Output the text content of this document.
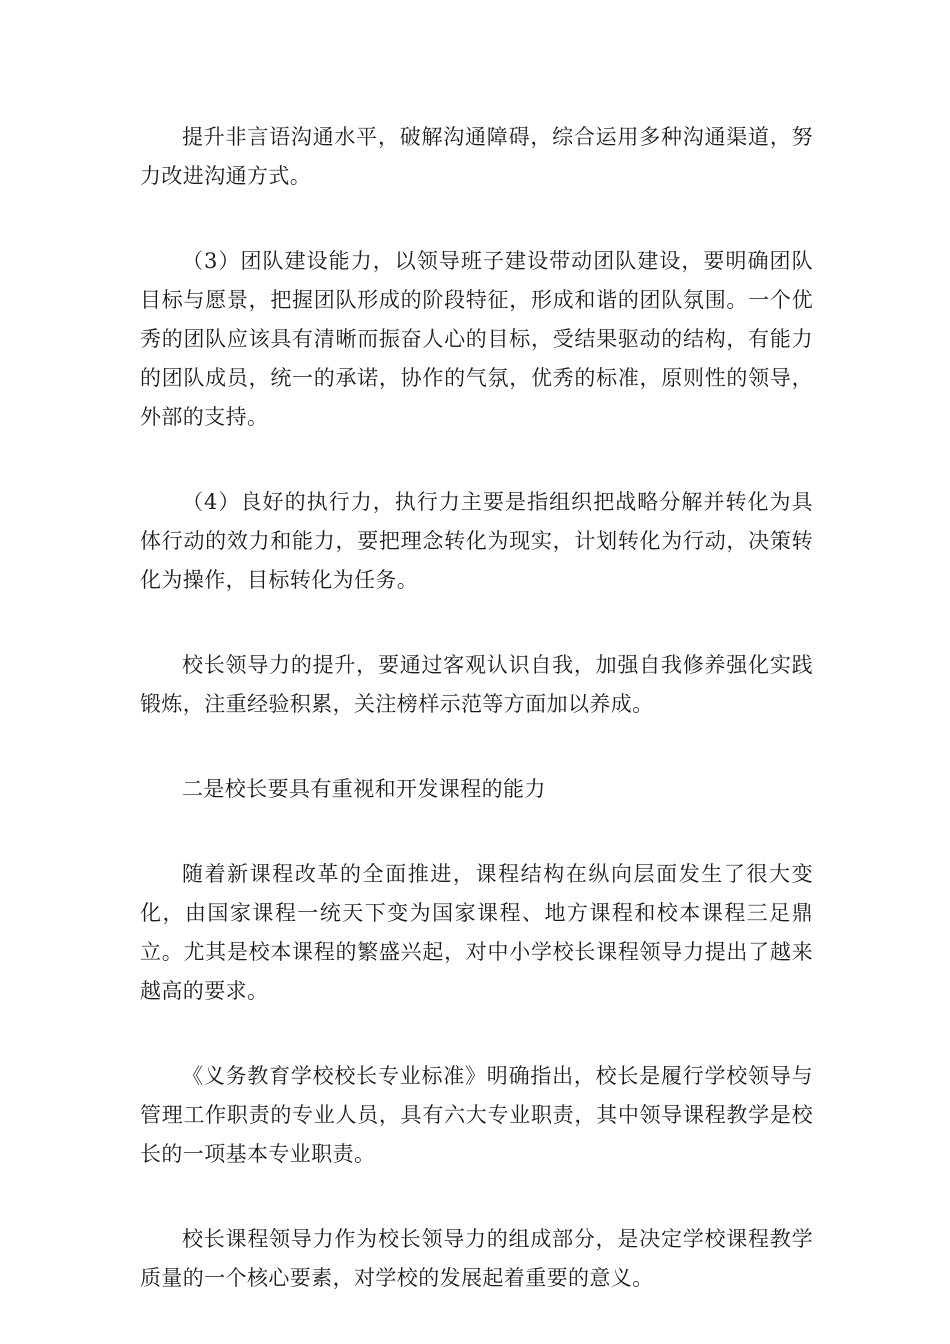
提升非言语沟通水平，破解沟通障碍，综合运用多种沟通渠道，努力改进沟通方式。

（3）团队建设能力，以领导班子建设带动团队建设，要明确团队目标与愿景，把握团队形成的阶段特征，形成和谐的团队氛围。一个优秀的团队应该具有清晰而振奋人心的目标，受结果驱动的结构，有能力的团队成员，统一的承诺，协作的气氛，优秀的标准，原则性的领导，外部的支持。

（4）良好的执行力，执行力主要是指组织把战略分解并转化为具体行动的效力和能力，要把理念转化为现实，计划转化为行动，决策转化为操作，目标转化为任务。

校长领导力的提升，要通过客观认识自我，加强自我修养强化实践锻炼，注重经验积累，关注榜样示范等方面加以养成。

二是校长要具有重视和开发课程的能力

随着新课程改革的全面推进，课程结构在纵向层面发生了很大变化，由国家课程一统天下变为国家课程、地方课程和校本课程三足鼎立。尤其是校本课程的繁盛兴起，对中小学校长课程领导力提出了越来越高的要求。

《义务教育学校校长专业标准》明确指出，校长是履行学校领导与管理工作职责的专业人员，具有六大专业职责，其中领导课程教学是校长的一项基本专业职责。

校长课程领导力作为校长领导力的组成部分，是决定学校课程教学质量的一个核心要素，对学校的发展起着重要的意义。
